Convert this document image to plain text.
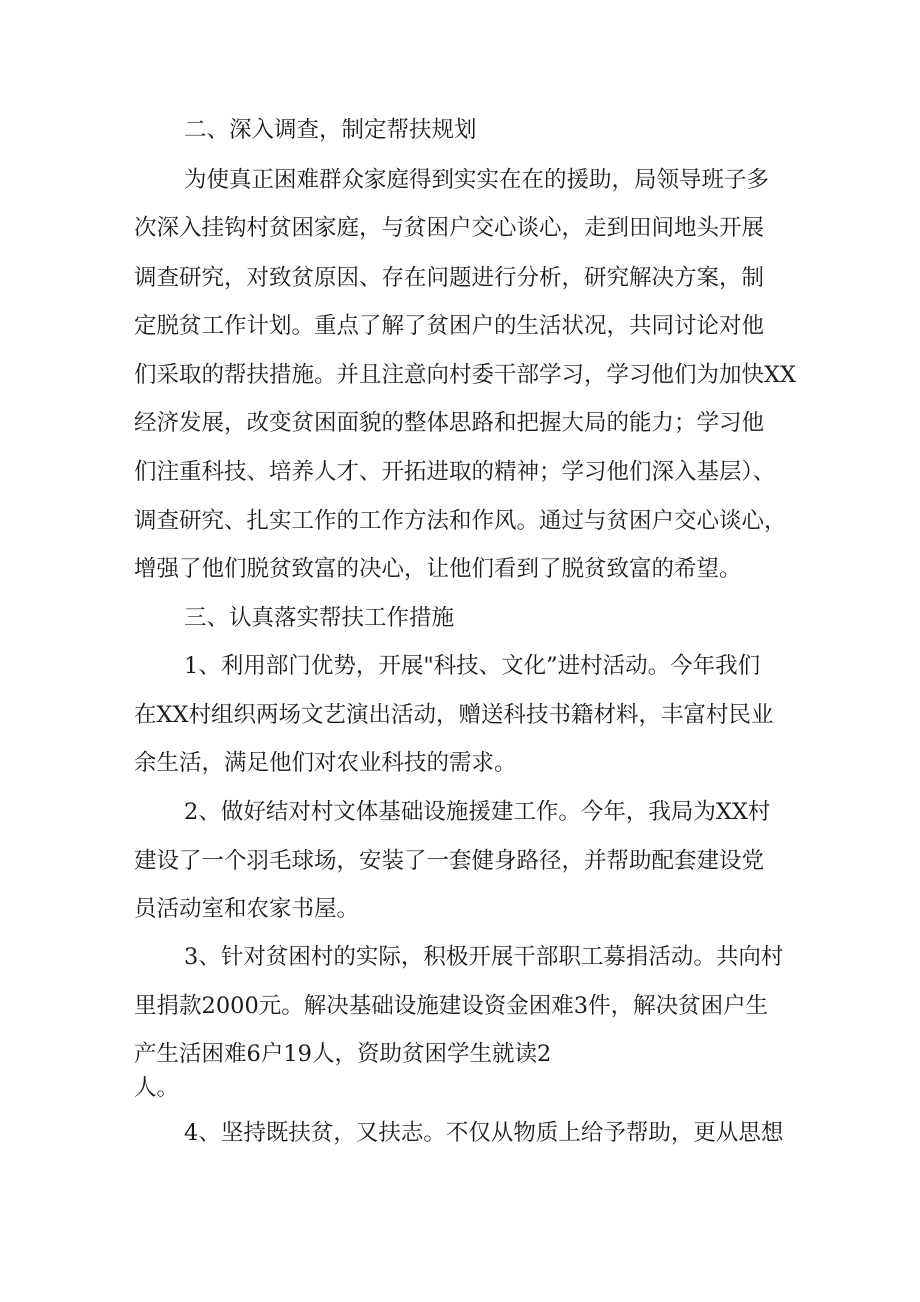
二、深入调查，制定帮扶规划
为使真正困难群众家庭得到实实在在的援助，局领导班子多
次深入挂钩村贫困家庭，与贫困户交心谈心，走到田间地头开展
调查研究，对致贫原因、存在问题进行分析，研究解决方案，制
定脱贫工作计划。重点了解了贫困户的生活状况，共同讨论对他
们采取的帮扶措施。并且注意向村委干部学习，学习他们为加快XX
经济发展，改变贫困面貌的整体思路和把握大局的能力；学习他
们注重科技、培养人才、开拓进取的精神；学习他们深入基层）、
调查研究、扎实工作的工作方法和作风。通过与贫困户交心谈心，
增强了他们脱贫致富的决心，让他们看到了脱贫致富的希望。
三、认真落实帮扶工作措施
1、利用部门优势，开展"科技、文化”进村活动。今年我们
在XX村组织两场文艺演出活动，赠送科技书籍材料，丰富村民业
余生活，满足他们对农业科技的需求。
2、做好结对村文体基础设施援建工作。今年，我局为XX村
建设了一个羽毛球场，安装了一套健身路径，并帮助配套建设党
员活动室和农家书屋。
3、针对贫困村的实际，积极开展干部职工募捐活动。共向村
里捐款2000元。解决基础设施建设资金困难3件，解决贫困户生
产生活困难6户19人，资助贫困学生就读2
人。
4、坚持既扶贫，又扶志。不仅从物质上给予帮助，更从思想
